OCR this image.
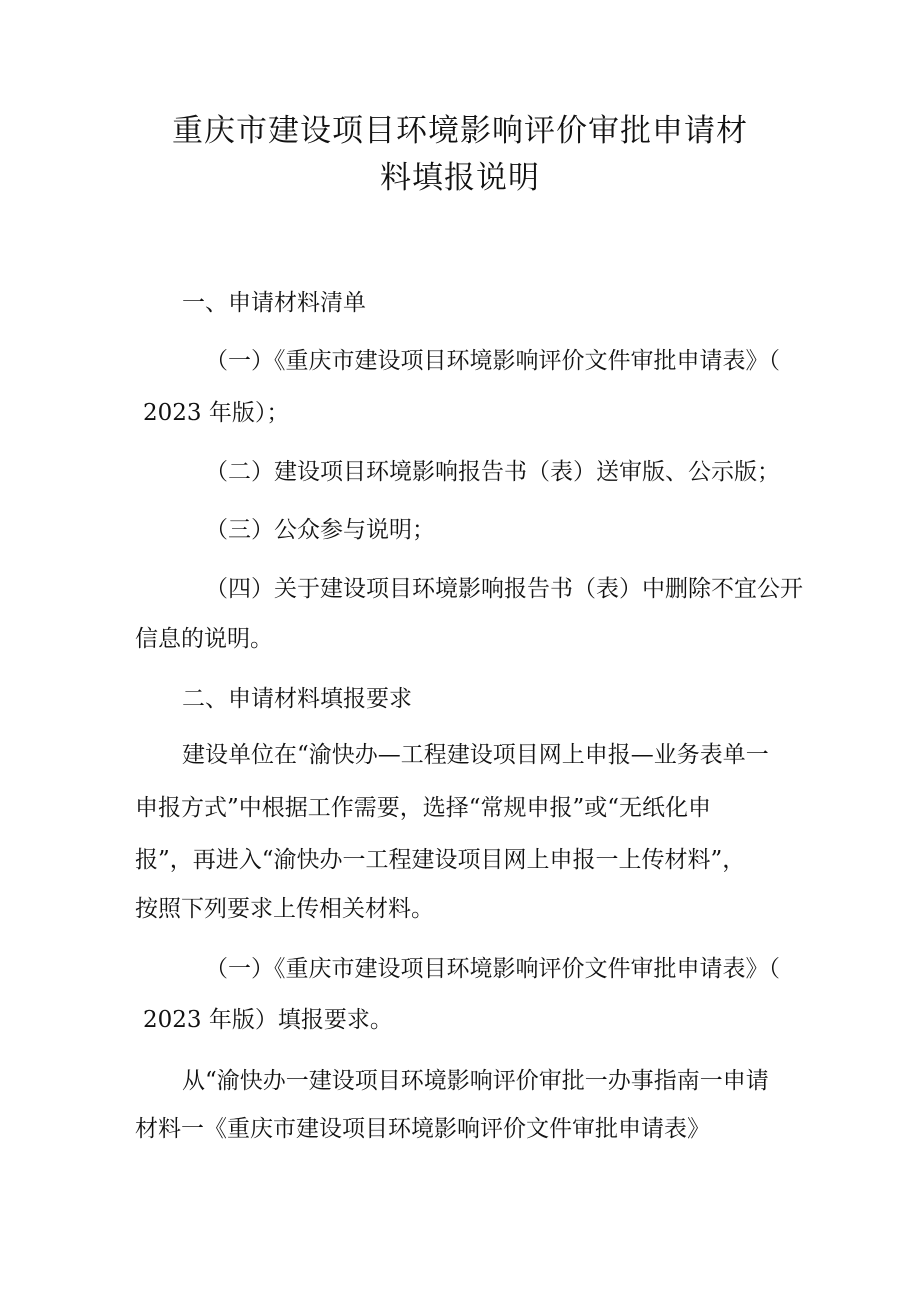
重庆市建设项目环境影响评价审批申请材
料填报说明
一、申请材料清单
（一）《重庆市建设项目环境影响评价文件审批申请表》（
2023 年版）；
（二）建设项目环境影响报告书（表）送审版、公示版；
（三）公众参与说明；
（四）关于建设项目环境影响报告书（表）中删除不宜公开
信息的说明。
二、申请材料填报要求
建设单位在“渝快办—工程建设项目网上申报—业务表单一
申报方式”中根据工作需要，选择“常规申报”或“无纸化申
报”，再进入“渝快办一工程建设项目网上申报一上传材料”，
按照下列要求上传相关材料。
（一）《重庆市建设项目环境影响评价文件审批申请表》（
2023 年版）填报要求。
从“渝快办一建设项目环境影响评价审批一办事指南一申请
材料一《重庆市建设项目环境影响评价文件审批申请表》
